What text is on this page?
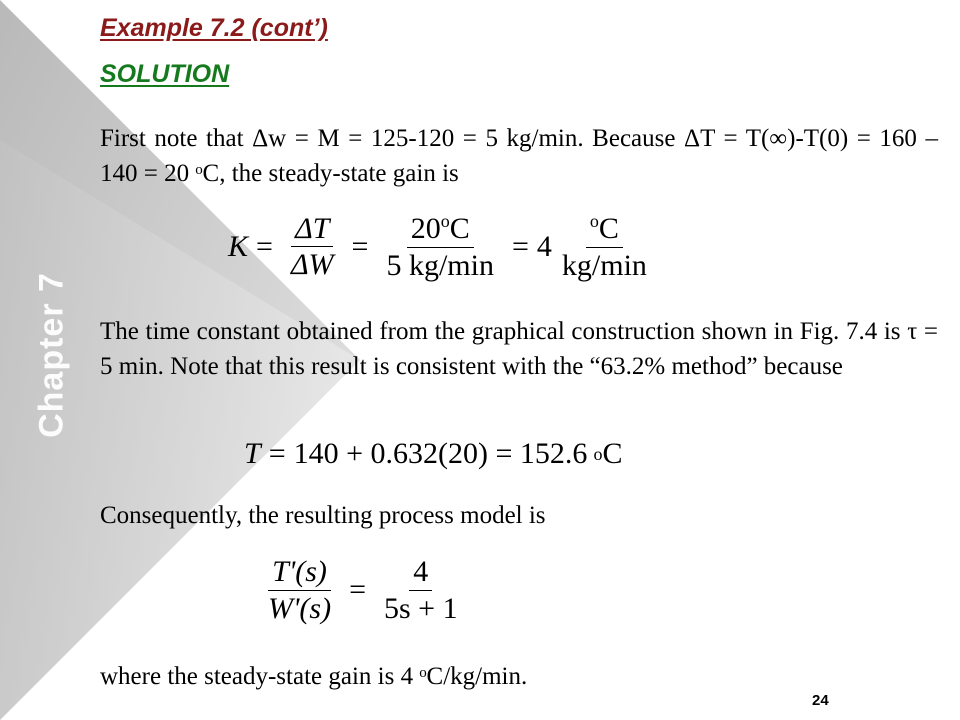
Chapter 7
Example 7.2 (cont’)
SOLUTION
First note that Δw = M = 125-120 = 5 kg/min. Because ΔT = T(∞)-T(0) = 160 – 140 = 20 ᵒC, the steady-state gain is
$K = \frac{\Delta T}{\Delta W} = \frac{20^oC}{5 kg/\min} = 4 \frac{^oC}{kg/\min}$
The time constant obtained from the graphical construction shown in Fig. 7.4 is τ = 5 min. Note that this result is consistent with the “63.2% method” because
T = 140 + 0.632(20) = 152.6 o C
Consequently, the resulting process model is
$\frac{T'(s)}{W'(s)} = \frac{4}{5s + 1}$
where the steady-state gain is 4 ᵒC/kg/min.
24
